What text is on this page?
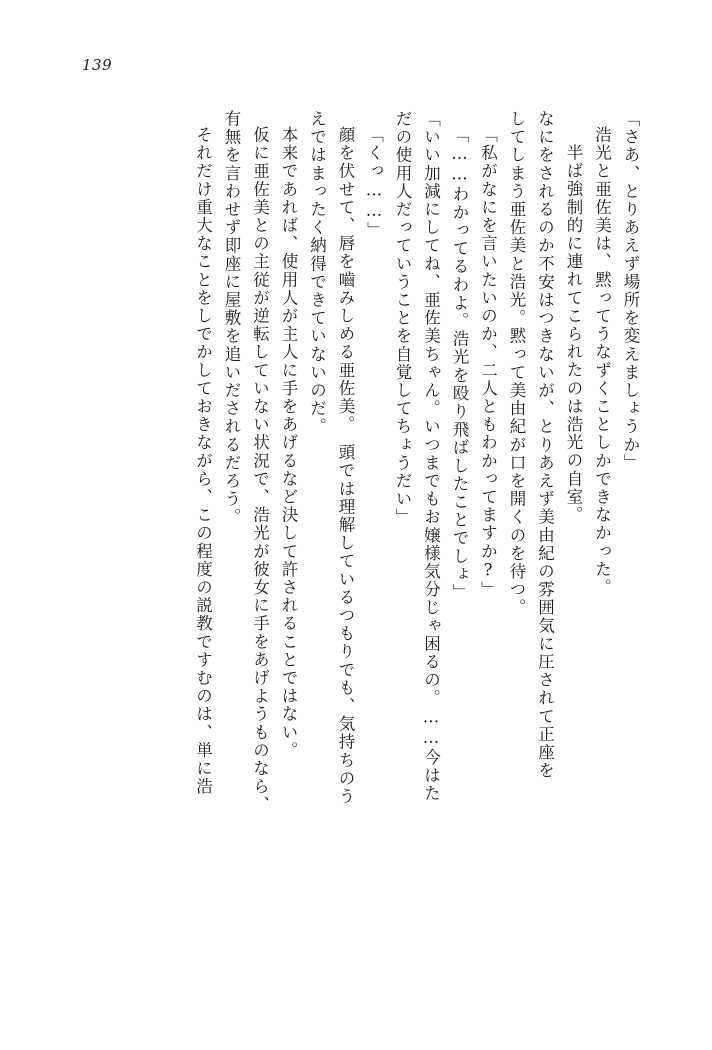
139
「さあ、とりあえず場所を変えましょうか」
浩光と亜佐美は、黙ってうなずくことしかできなかった。
半ば強制的に連れてこられたのは浩光の自室。
なにをされるのか不安はつきないが、とりあえず美由紀の雰囲気に圧されて正座を
してしまう亜佐美と浩光。黙って美由紀が口を開くのを待つ。
「私がなにを言いたいのか、二人ともわかってますか?」
「……わかってるわよ。浩光を殴り飛ばしたことでしょ」
「いい加減にしてね、亜佐美ちゃん。いつまでもお嬢様気分じゃ困るの。……今はた
だの使用人だっていうことを自覚してちょうだい」
「くっ……」
顔を伏せて、唇を嚙みしめる亜佐美。　頭では理解しているつもりでも、気持ちのう
えではまったく納得できていないのだ。
本来であれば、使用人が主人に手をあげるなど決して許されることではない。
仮に亜佐美との主従が逆転していない状況で、浩光が彼女に手をあげようものなら、
有無を言わせず即座に屋敷を追いだされるだろう。
それだけ重大なことをしでかしておきながら、この程度の説教ですむのは、単に浩
